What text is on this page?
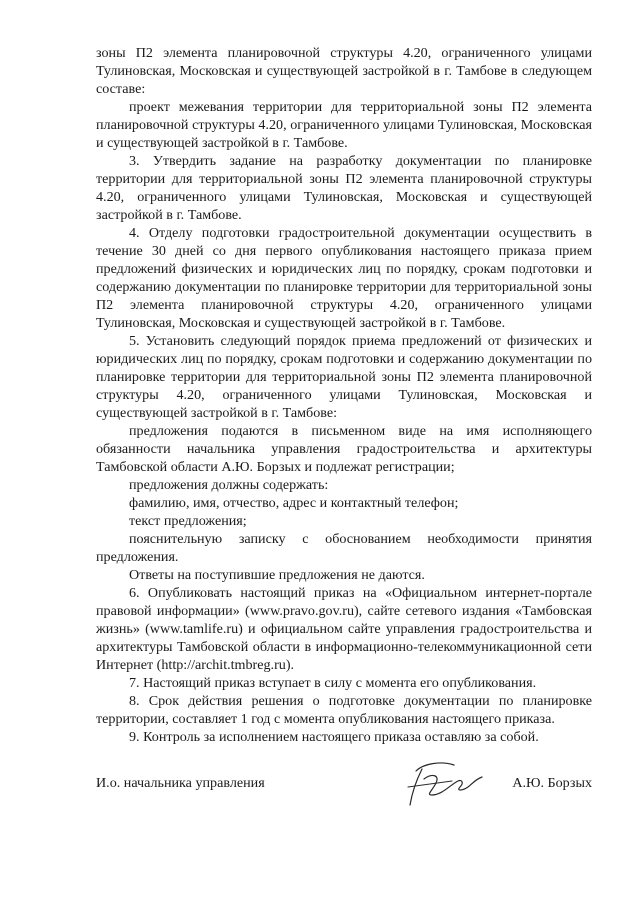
зоны П2 элемента планировочной структуры 4.20, ограниченного улицами Тулиновская, Московская и существующей застройкой в г. Тамбове в следующем составе:

проект межевания территории для территориальной зоны П2 элемента планировочной структуры 4.20, ограниченного улицами Тулиновская, Московская и существующей застройкой в г. Тамбове.

3. Утвердить задание на разработку документации по планировке территории для территориальной зоны П2 элемента планировочной структуры 4.20, ограниченного улицами Тулиновская, Московская и существующей застройкой в г. Тамбове.

4. Отделу подготовки градостроительной документации осуществить в течение 30 дней со дня первого опубликования настоящего приказа прием предложений физических и юридических лиц по порядку, срокам подготовки и содержанию документации по планировке территории для территориальной зоны П2 элемента планировочной структуры 4.20, ограниченного улицами Тулиновская, Московская и существующей застройкой в г. Тамбове.

5. Установить следующий порядок приема предложений от физических и юридических лиц по порядку, срокам подготовки и содержанию документации по планировке территории для территориальной зоны П2 элемента планировочной структуры 4.20, ограниченного улицами Тулиновская, Московская и существующей застройкой в г. Тамбове:

предложения подаются в письменном виде на имя исполняющего обязанности начальника управления градостроительства и архитектуры Тамбовской области А.Ю. Борзых и подлежат регистрации;

предложения должны содержать:

фамилию, имя, отчество, адрес и контактный телефон;

текст предложения;

пояснительную записку с обоснованием необходимости принятия предложения.

Ответы на поступившие предложения не даются.

6. Опубликовать настоящий приказ на «Официальном интернет-портале правовой информации» (www.pravo.gov.ru), сайте сетевого издания «Тамбовская жизнь» (www.tamlife.ru) и официальном сайте управления градостроительства и архитектуры Тамбовской области в информационно-телекоммуникационной сети Интернет (http://archit.tmbreg.ru).

7. Настоящий приказ вступает в силу с момента его опубликования.

8. Срок действия решения о подготовке документации по планировке территории, составляет 1 год с момента опубликования настоящего приказа.

9. Контроль за исполнением настоящего приказа оставляю за собой.

И.о. начальника управления	А.Ю. Борзых
